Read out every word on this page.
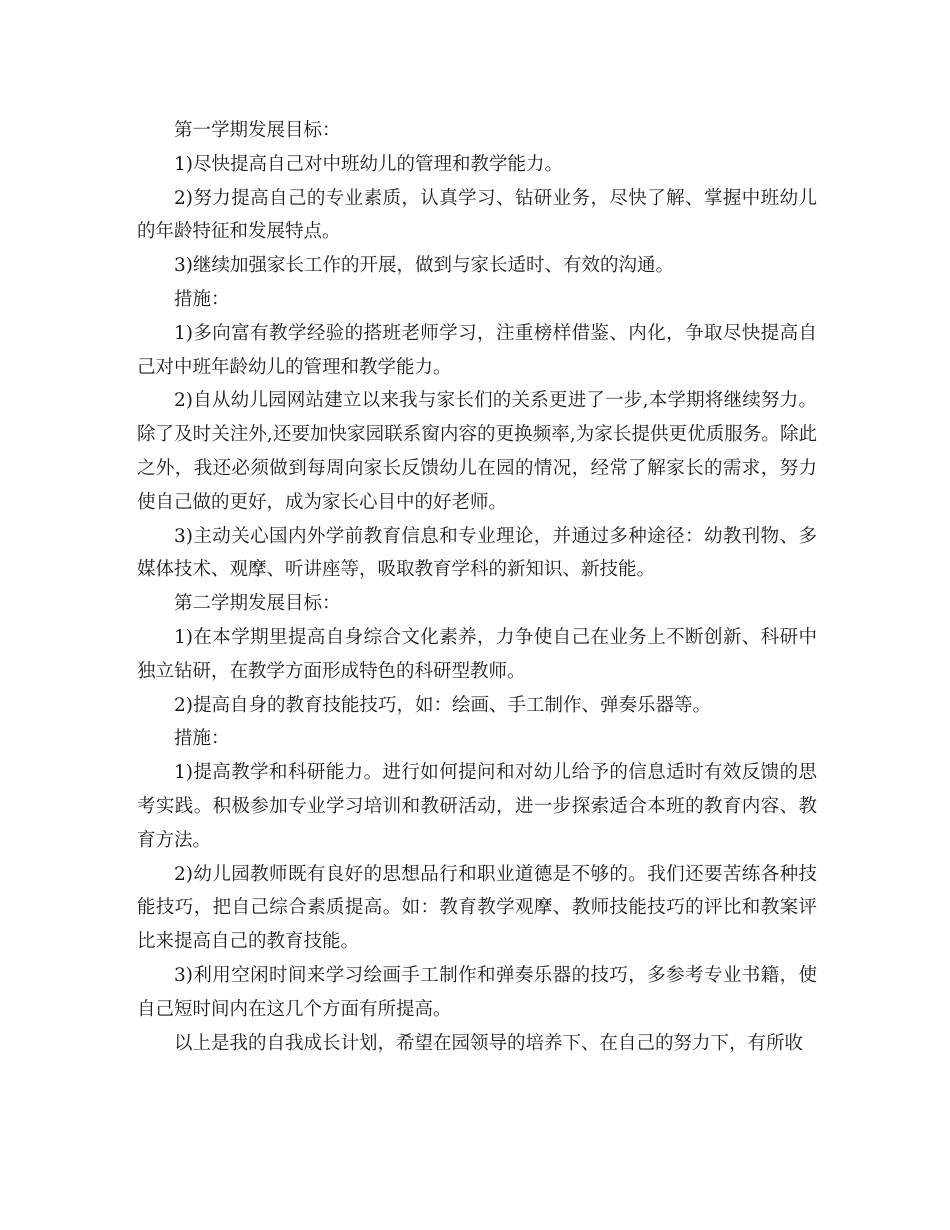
第一学期发展目标：

1)尽快提高自己对中班幼儿的管理和教学能力。

2)努力提高自己的专业素质，认真学习、钻研业务，尽快了解、掌握中班幼儿的年龄特征和发展特点。

3)继续加强家长工作的开展，做到与家长适时、有效的沟通。

措施：

1)多向富有教学经验的搭班老师学习，注重榜样借鉴、内化，争取尽快提高自己对中班年龄幼儿的管理和教学能力。

2)自从幼儿园网站建立以来我与家长们的关系更进了一步,本学期将继续努力。除了及时关注外,还要加快家园联系窗内容的更换频率,为家长提供更优质服务。除此之外，我还必须做到每周向家长反馈幼儿在园的情况，经常了解家长的需求，努力使自己做的更好，成为家长心目中的好老师。

3)主动关心国内外学前教育信息和专业理论，并通过多种途径：幼教刊物、多媒体技术、观摩、听讲座等，吸取教育学科的新知识、新技能。

第二学期发展目标：

1)在本学期里提高自身综合文化素养，力争使自己在业务上不断创新、科研中独立钻研，在教学方面形成特色的科研型教师。

2)提高自身的教育技能技巧，如：绘画、手工制作、弹奏乐器等。

措施：

1)提高教学和科研能力。进行如何提问和对幼儿给予的信息适时有效反馈的思考实践。积极参加专业学习培训和教研活动，进一步探索适合本班的教育内容、教育方法。

2)幼儿园教师既有良好的思想品行和职业道德是不够的。我们还要苦练各种技能技巧，把自己综合素质提高。如：教育教学观摩、教师技能技巧的评比和教案评比来提高自己的教育技能。

3)利用空闲时间来学习绘画手工制作和弹奏乐器的技巧，多参考专业书籍，使自己短时间内在这几个方面有所提高。

以上是我的自我成长计划，希望在园领导的培养下、在自己的努力下，有所收
